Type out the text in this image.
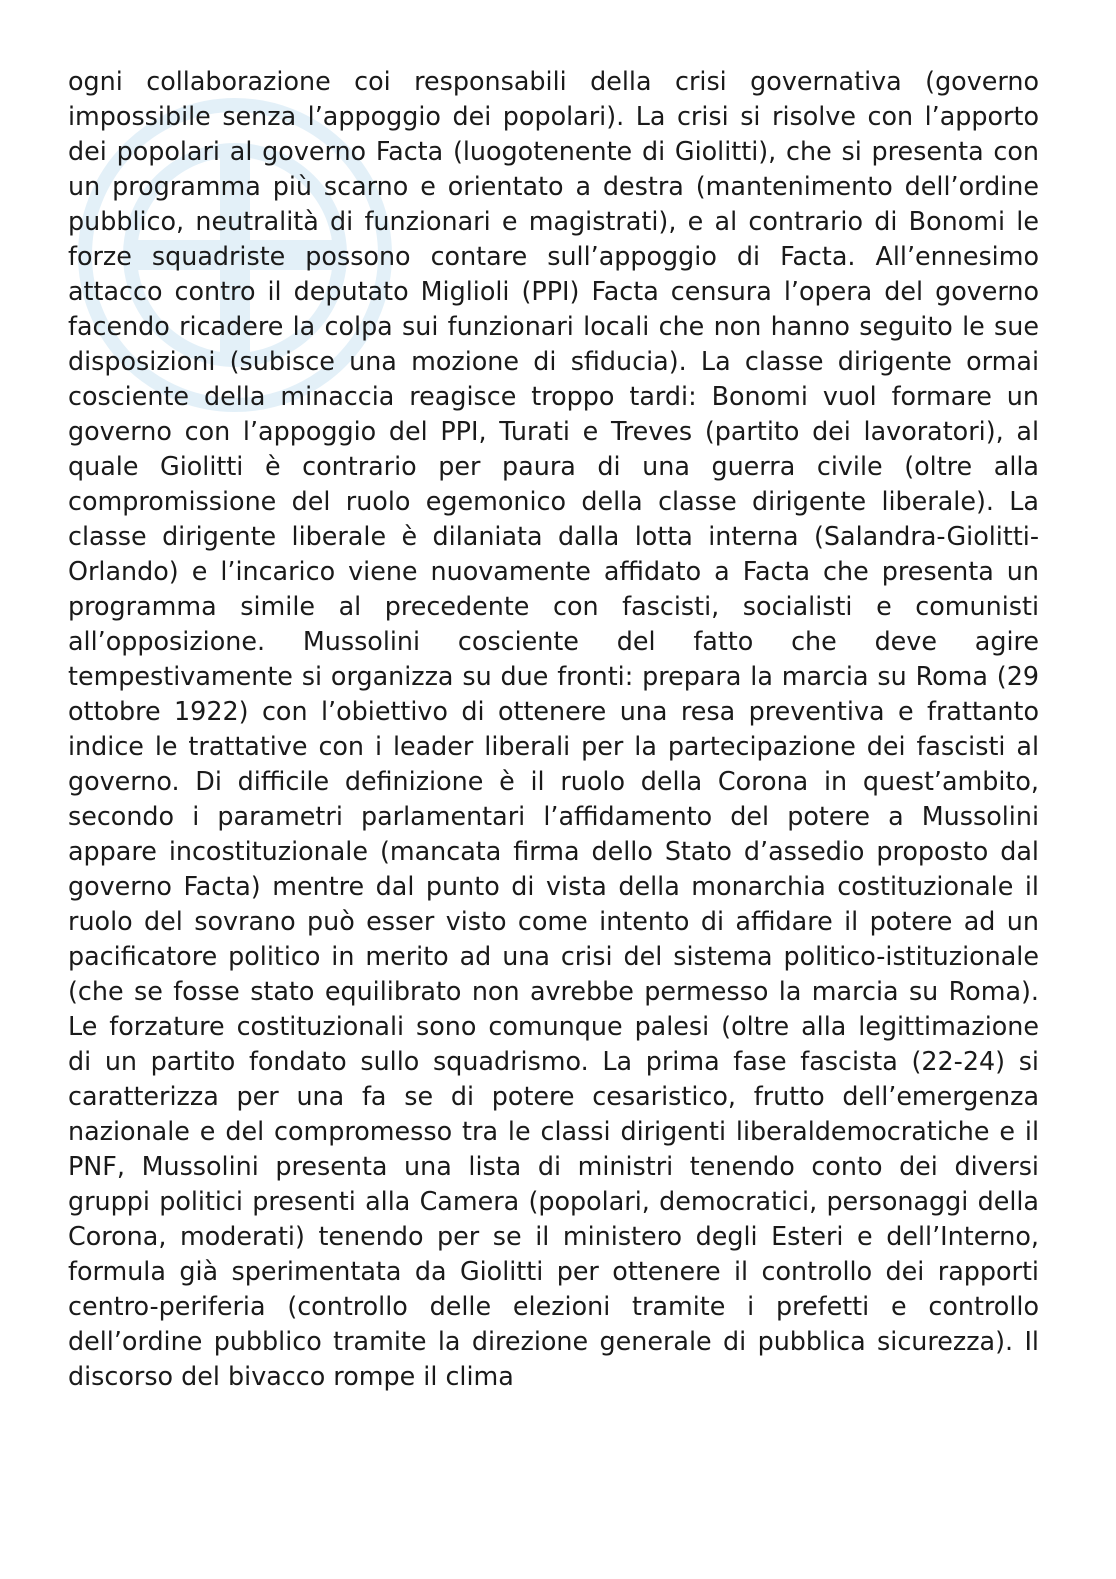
ogni collaborazione coi responsabili della crisi governativa (governo impossibile senza l’appoggio dei popolari). La crisi si risolve con l’apporto dei popolari al governo Facta (luogotenente di Giolitti), che si presenta con un programma più scarno e orientato a destra (mantenimento dell’ordine pubblico, neutralità di funzionari e magistrati), e al contrario di Bonomi le forze squadriste possono contare sull’appoggio di Facta. All’ennesimo attacco contro il deputato Miglioli (PPI) Facta censura l’opera del governo facendo ricadere la colpa sui funzionari locali che non hanno seguito le sue disposizioni (subisce una mozione di sfiducia). La classe dirigente ormai cosciente della minaccia reagisce troppo tardi: Bonomi vuol formare un governo con l’appoggio del PPI, Turati e Treves (partito dei lavoratori), al quale Giolitti è contrario per paura di una guerra civile (oltre alla compromissione del ruolo egemonico della classe dirigente liberale). La classe dirigente liberale è dilaniata dalla lotta interna (Salandra-Giolitti-Orlando) e l’incarico viene nuovamente affidato a Facta che presenta un programma simile al precedente con fascisti, socialisti e comunisti all’opposizione. Mussolini cosciente del fatto che deve agire tempestivamente si organizza su due fronti: prepara la marcia su Roma (29 ottobre 1922) con l’obiettivo di ottenere una resa preventiva e frattanto indice le trattative con i leader liberali per la partecipazione dei fascisti al governo. Di difficile definizione è il ruolo della Corona in quest’ambito, secondo i parametri parlamentari l’affidamento del potere a Mussolini appare incostituzionale (mancata firma dello Stato d’assedio proposto dal governo Facta) mentre dal punto di vista della monarchia costituzionale il ruolo del sovrano può esser visto come intento di affidare il potere ad un pacificatore politico in merito ad una crisi del sistema politico-istituzionale (che se fosse stato equilibrato non avrebbe permesso la marcia su Roma). Le forzature costituzionali sono comunque palesi (oltre alla legittimazione di un partito fondato sullo squadrismo. La prima fase fascista (22-24) si caratterizza per una fa se di potere cesaristico, frutto dell’emergenza nazionale e del compromesso tra le classi dirigenti liberaldemocratiche e il PNF, Mussolini presenta una lista di ministri tenendo conto dei diversi gruppi politici presenti alla Camera (popolari, democratici, personaggi della Corona, moderati) tenendo per se il ministero degli Esteri e dell’Interno, formula già sperimentata da Giolitti per ottenere il controllo dei rapporti centro-periferia (controllo delle elezioni tramite i prefetti e controllo dell’ordine pubblico tramite la direzione generale di pubblica sicurezza). Il discorso del bivacco rompe il clima
